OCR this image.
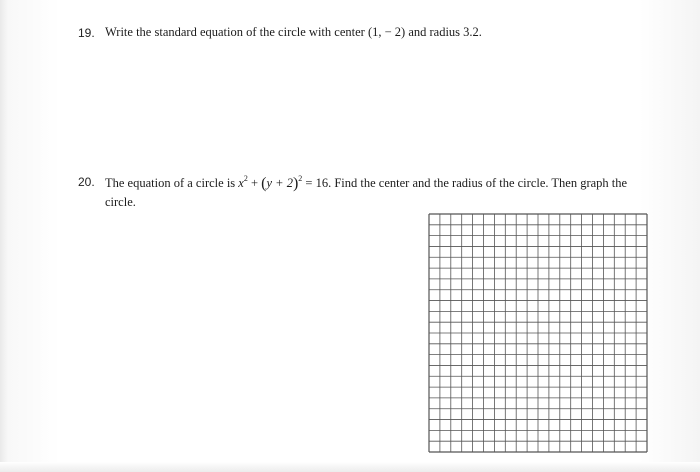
19. Write the standard equation of the circle with center (1, − 2) and radius 3.2.
20. The equation of a circle is $x^2 + (y + 2)^2 = 16$. Find the center and the radius of the circle. Then graph the
circle.
